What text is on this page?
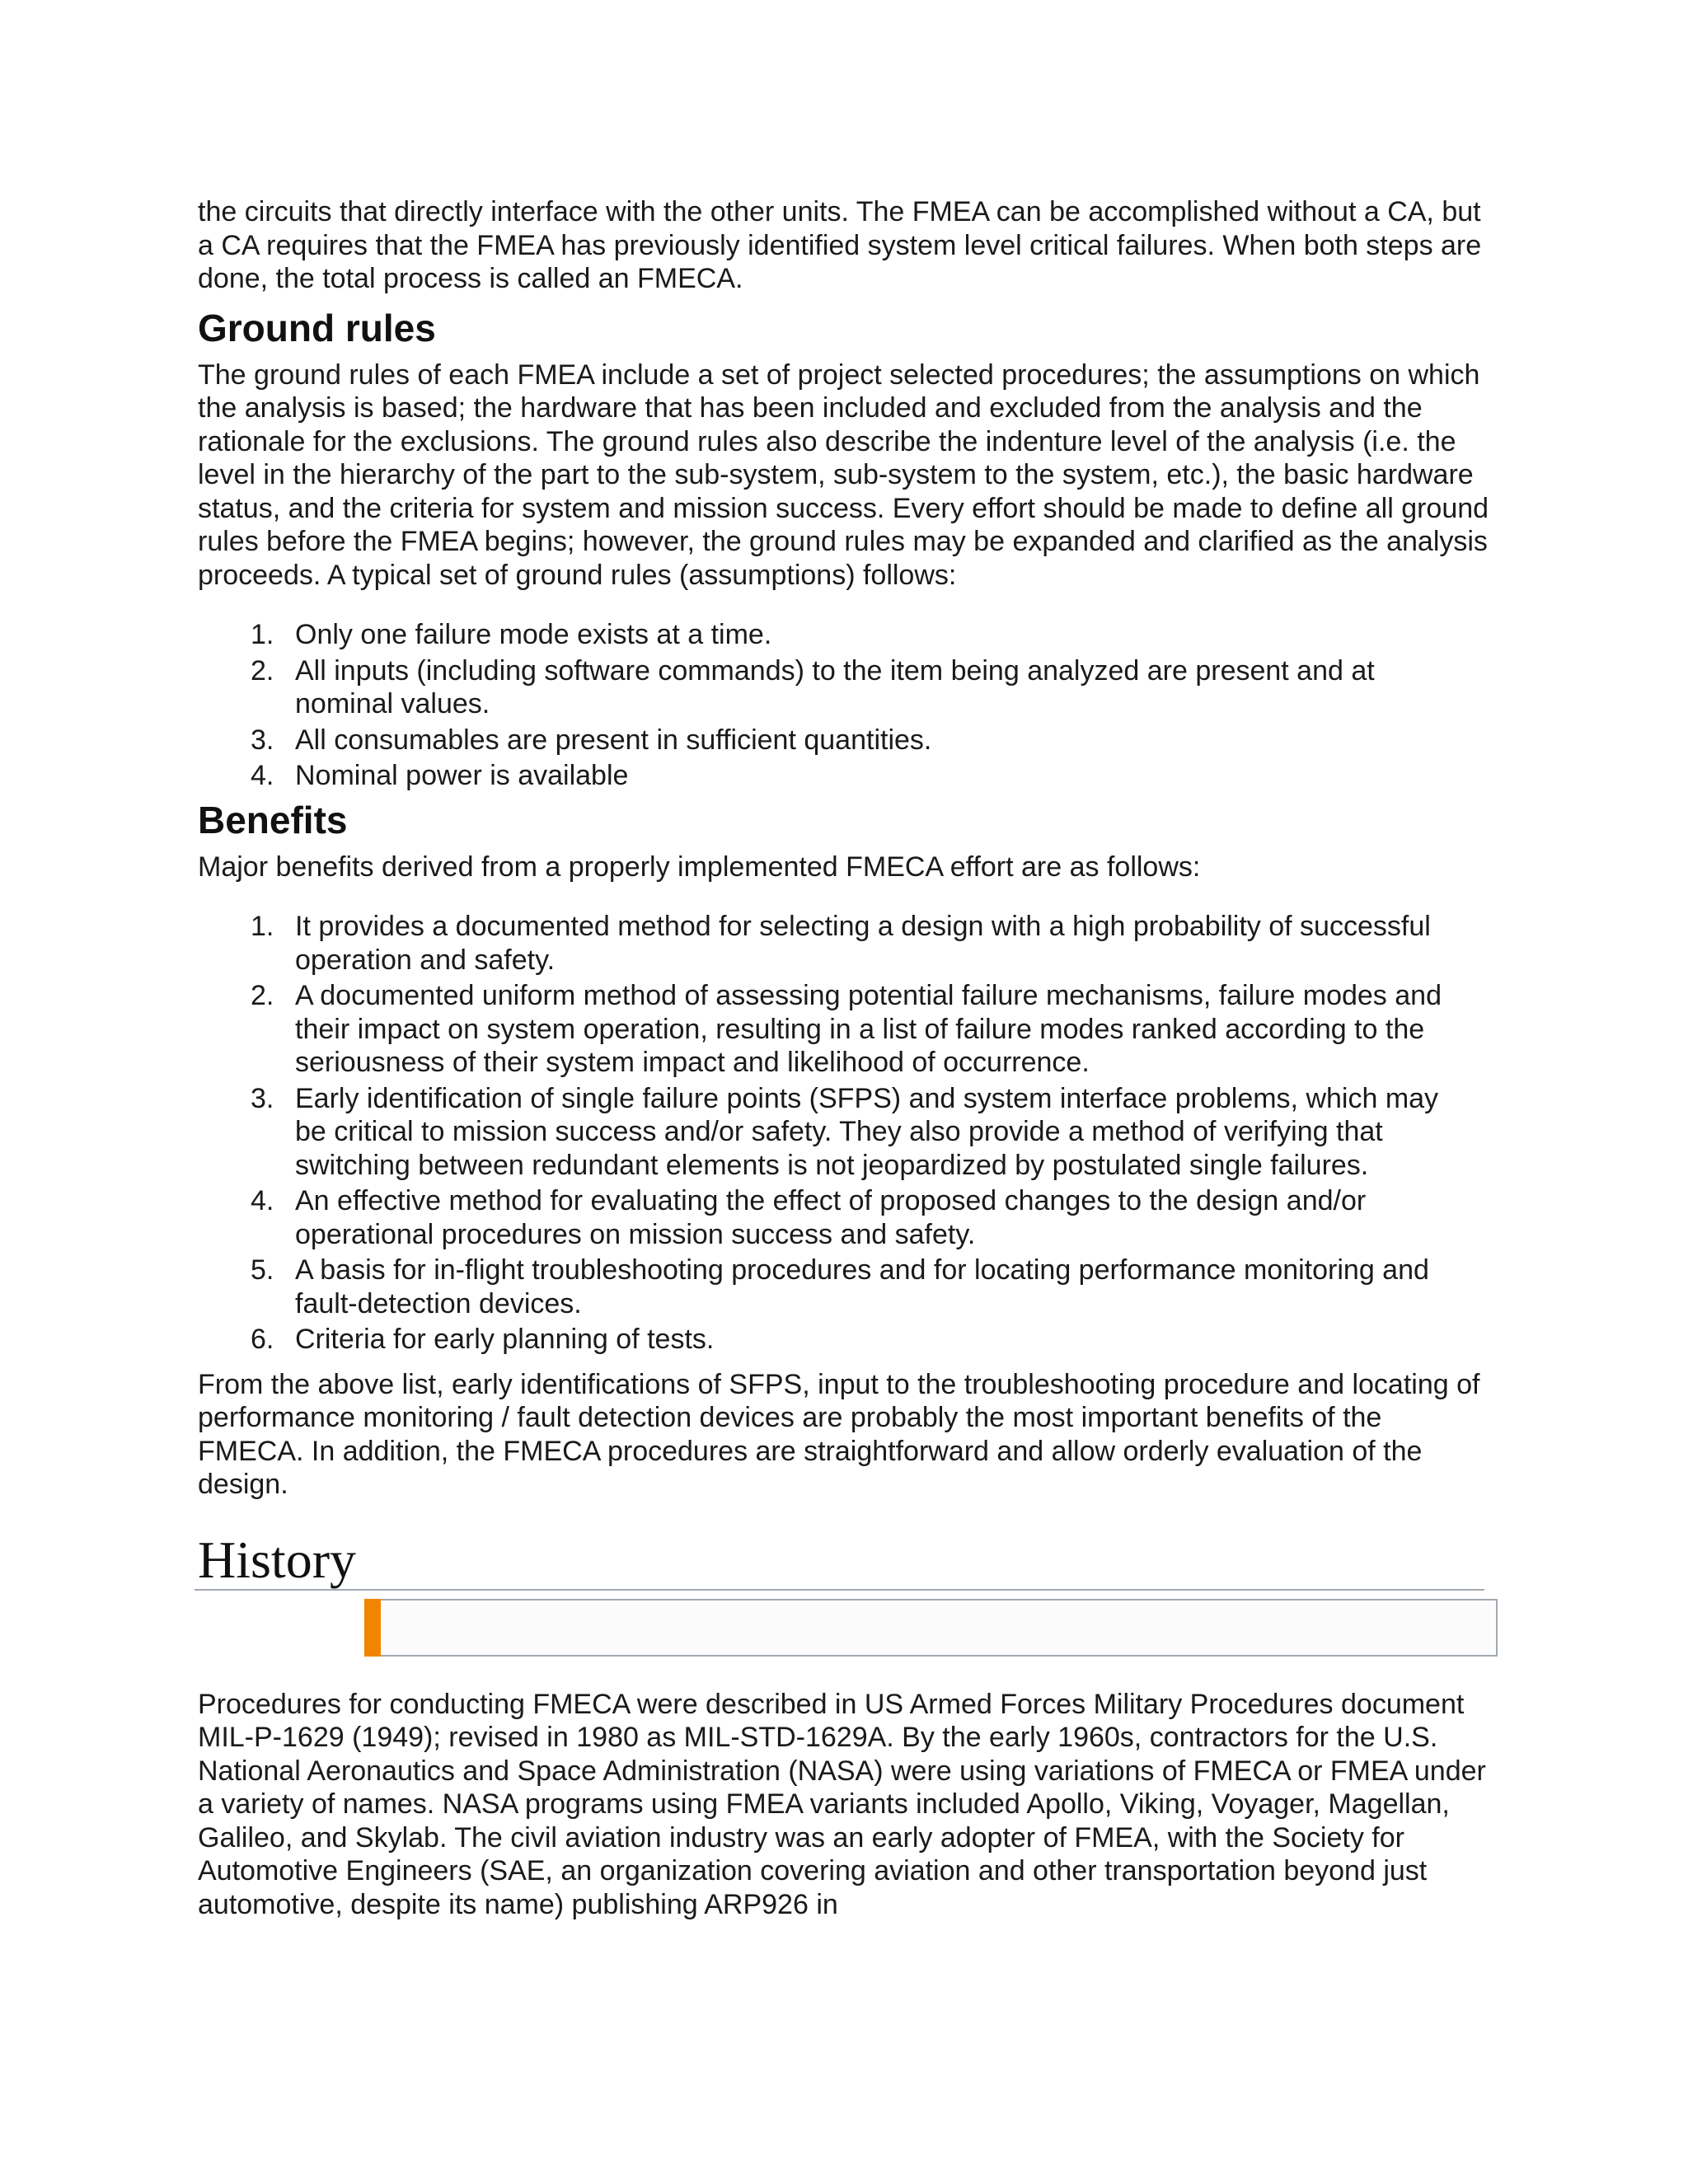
the circuits that directly interface with the other units. The FMEA can be accomplished without a CA, but a CA requires that the FMEA has previously identified system level critical failures. When both steps are done, the total process is called an FMECA.

Ground rules

The ground rules of each FMEA include a set of project selected procedures; the assumptions on which the analysis is based; the hardware that has been included and excluded from the analysis and the rationale for the exclusions. The ground rules also describe the indenture level of the analysis (i.e. the level in the hierarchy of the part to the sub-system, sub-system to the system, etc.), the basic hardware status, and the criteria for system and mission success. Every effort should be made to define all ground rules before the FMEA begins; however, the ground rules may be expanded and clarified as the analysis proceeds. A typical set of ground rules (assumptions) follows:

1. Only one failure mode exists at a time.
2. All inputs (including software commands) to the item being analyzed are present and at nominal values.
3. All consumables are present in sufficient quantities.
4. Nominal power is available
Benefits

Major benefits derived from a properly implemented FMECA effort are as follows:

1. It provides a documented method for selecting a design with a high probability of successful operation and safety.
2. A documented uniform method of assessing potential failure mechanisms, failure modes and their impact on system operation, resulting in a list of failure modes ranked according to the seriousness of their system impact and likelihood of occurrence.
3. Early identification of single failure points (SFPS) and system interface problems, which may be critical to mission success and/or safety. They also provide a method of verifying that switching between redundant elements is not jeopardized by postulated single failures.
4. An effective method for evaluating the effect of proposed changes to the design and/or operational procedures on mission success and safety.
5. A basis for in-flight troubleshooting procedures and for locating performance monitoring and fault-detection devices.
6. Criteria for early planning of tests.

From the above list, early identifications of SFPS, input to the troubleshooting procedure and locating of performance monitoring / fault detection devices are probably the most important benefits of the FMECA. In addition, the FMECA procedures are straightforward and allow orderly evaluation of the design.

History

Procedures for conducting FMECA were described in US Armed Forces Military Procedures document MIL-P-1629 (1949); revised in 1980 as MIL-STD-1629A. By the early 1960s, contractors for the U.S. National Aeronautics and Space Administration (NASA) were using variations of FMECA or FMEA under a variety of names. NASA programs using FMEA variants included Apollo, Viking, Voyager, Magellan, Galileo, and Skylab. The civil aviation industry was an early adopter of FMEA, with the Society for Automotive Engineers (SAE, an organization covering aviation and other transportation beyond just automotive, despite its name) publishing ARP926 in
